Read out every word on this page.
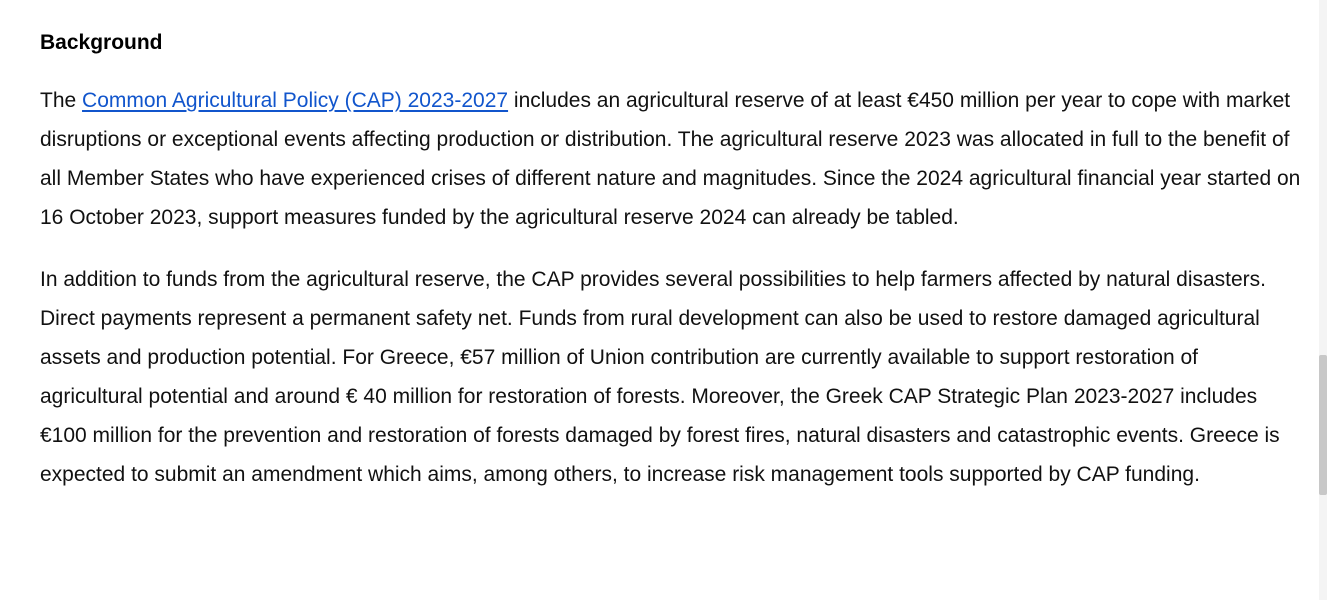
Background

The Common Agricultural Policy (CAP) 2023-2027 includes an agricultural reserve of at least €450 million per year to cope with market disruptions or exceptional events affecting production or distribution. The agricultural reserve 2023 was allocated in full to the benefit of all Member States who have experienced crises of different nature and magnitudes. Since the 2024 agricultural financial year started on 16 October 2023, support measures funded by the agricultural reserve 2024 can already be tabled.

In addition to funds from the agricultural reserve, the CAP provides several possibilities to help farmers affected by natural disasters. Direct payments represent a permanent safety net. Funds from rural development can also be used to restore damaged agricultural assets and production potential. For Greece, €57 million of Union contribution are currently available to support restoration of agricultural potential and around € 40 million for restoration of forests. Moreover, the Greek CAP Strategic Plan 2023-2027 includes €100 million for the prevention and restoration of forests damaged by forest fires, natural disasters and catastrophic events. Greece is expected to submit an amendment which aims, among others, to increase risk management tools supported by CAP funding.
